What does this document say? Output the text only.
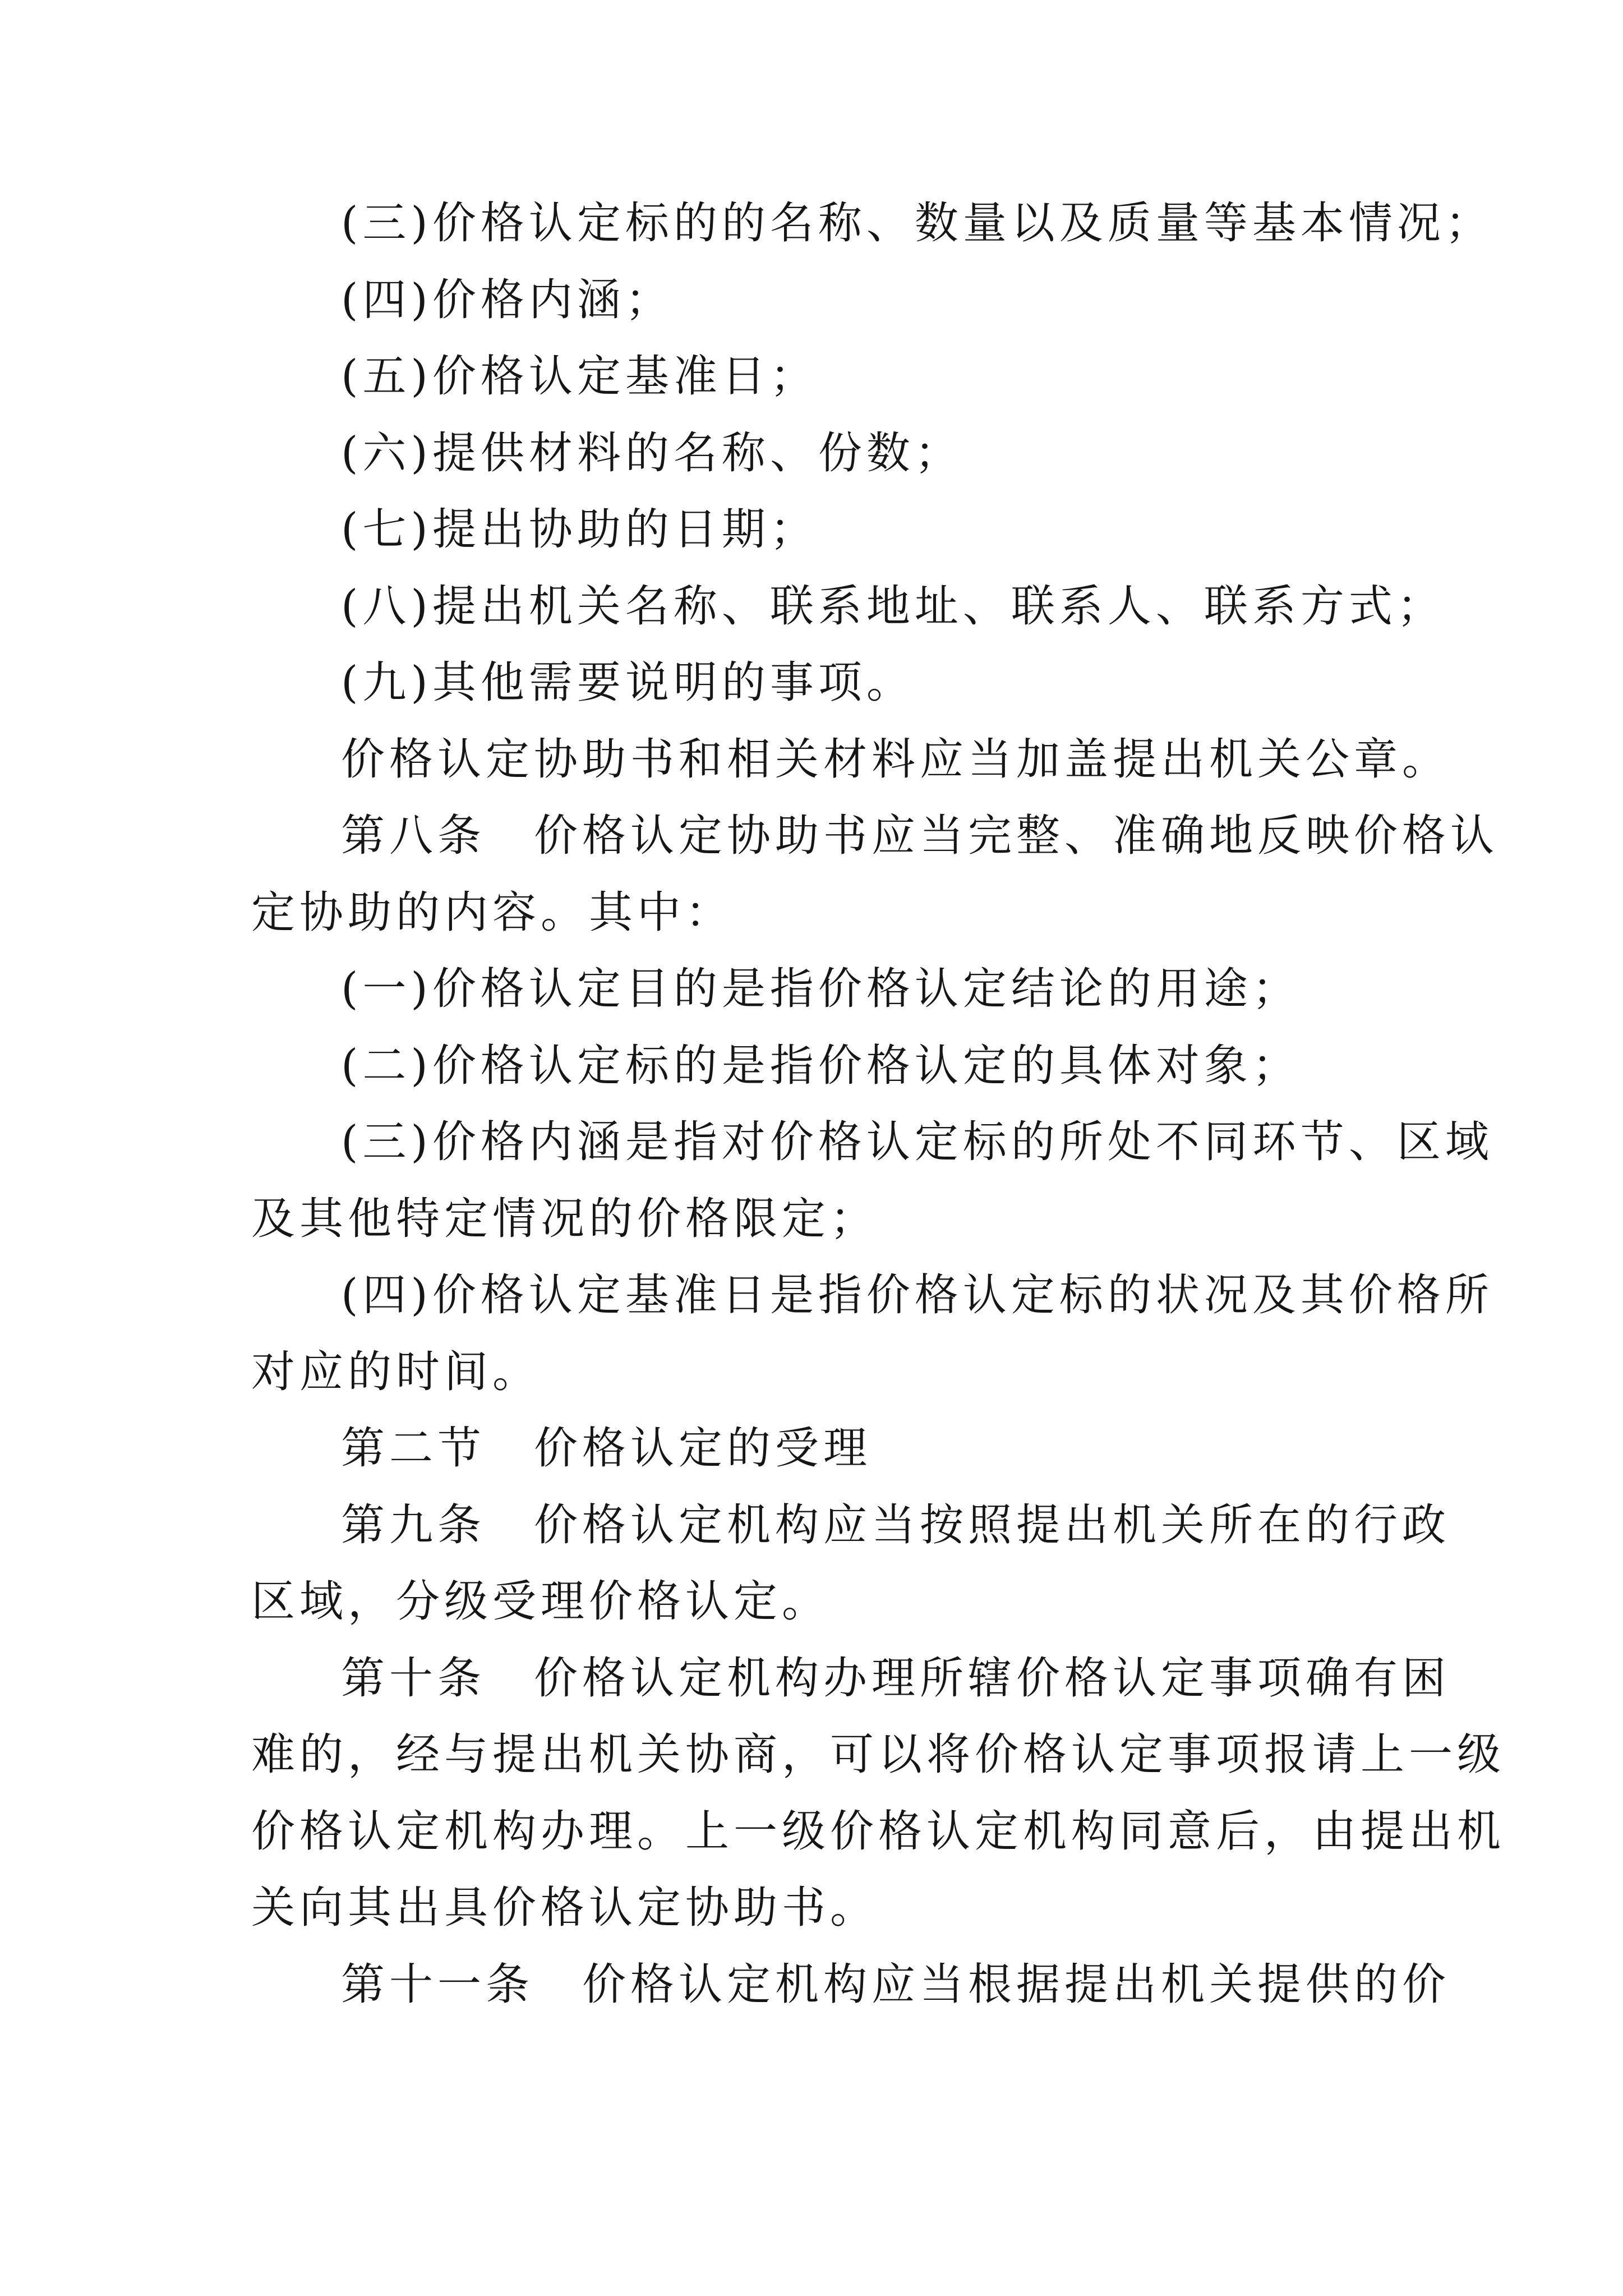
(三)价格认定标的的名称、数量以及质量等基本情况；
(四)价格内涵；
(五)价格认定基准日；
(六)提供材料的名称、份数；
(七)提出协助的日期；
(八)提出机关名称、联系地址、联系人、联系方式；
(九)其他需要说明的事项。
价格认定协助书和相关材料应当加盖提出机关公章。
第八条　价格认定协助书应当完整、准确地反映价格认
定协助的内容。其中：
(一)价格认定目的是指价格认定结论的用途；
(二)价格认定标的是指价格认定的具体对象；
(三)价格内涵是指对价格认定标的所处不同环节、区域
及其他特定情况的价格限定；
(四)价格认定基准日是指价格认定标的状况及其价格所
对应的时间。
第二节　价格认定的受理
第九条　价格认定机构应当按照提出机关所在的行政
区域，分级受理价格认定。
第十条　价格认定机构办理所辖价格认定事项确有困
难的，经与提出机关协商，可以将价格认定事项报请上一级
价格认定机构办理。上一级价格认定机构同意后，由提出机
关向其出具价格认定协助书。
第十一条　价格认定机构应当根据提出机关提供的价
